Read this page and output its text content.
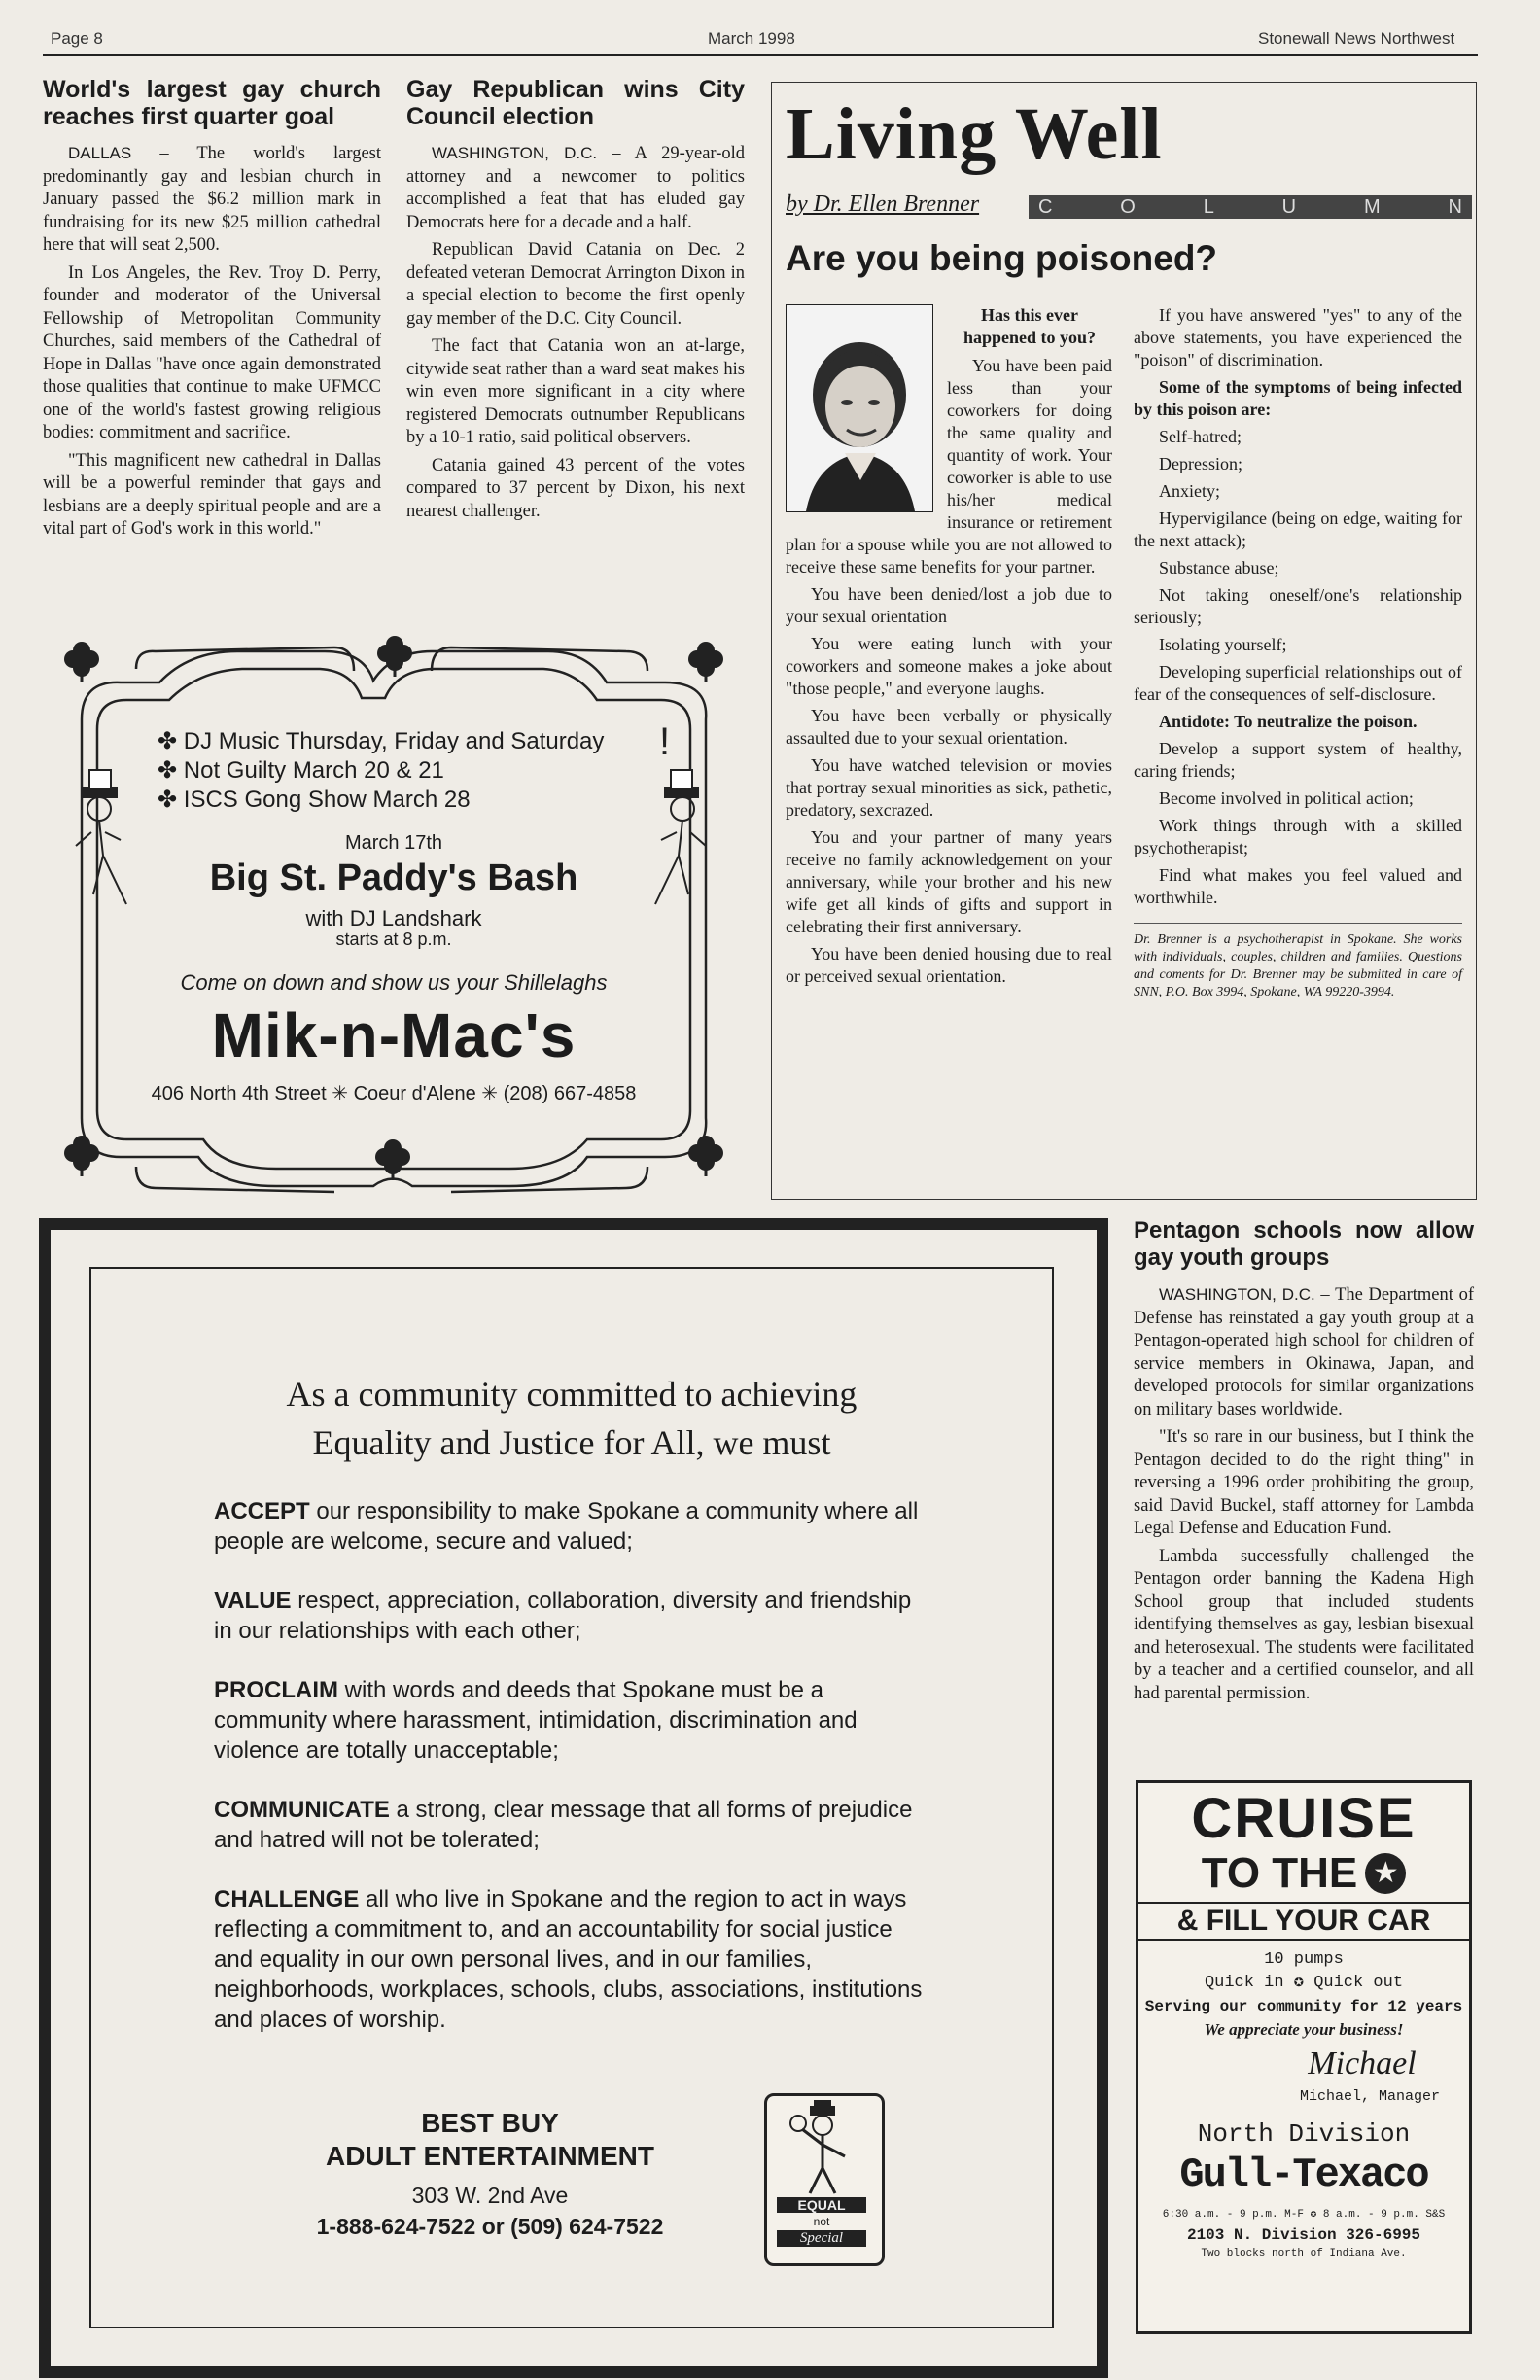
Page 8	March 1998	Stonewall News Northwest
World's largest gay church reaches first quarter goal

DALLAS – The world's largest predominantly gay and lesbian church in January passed the $6.2 million mark in fundraising for its new $25 million cathedral here that will seat 2,500.

In Los Angeles, the Rev. Troy D. Perry, founder and moderator of the Universal Fellowship of Metropolitan Community Churches, said members of the Cathedral of Hope in Dallas "have once again demonstrated those qualities that continue to make UFMCC one of the world's fastest growing religious bodies: commitment and sacrifice.

"This magnificent new cathedral in Dallas will be a powerful reminder that gays and lesbians are a deeply spiritual people and are a vital part of God's work in this world."

Gay Republican wins City Council election

WASHINGTON, D.C. – A 29-year-old attorney and a newcomer to politics accomplished a feat that has eluded gay Democrats here for a decade and a half.

Republican David Catania on Dec. 2 defeated veteran Democrat Arrington Dixon in a special election to become the first openly gay member of the D.C. City Council.

The fact that Catania won an at-large, citywide seat rather than a ward seat makes his win even more significant in a city where registered Democrats outnumber Republicans by a 10-1 ratio, said political observers.

Catania gained 43 percent of the votes compared to 37 percent by Dixon, his next nearest challenger.

!
✤ DJ Music Thursday, Friday and Saturday
✤ Not Guilty March 20 & 21
✤ ISCS Gong Show March 28
March 17th
Big St. Paddy's Bash
with DJ Landshark
starts at 8 p.m.
Come on down and show us your Shillelaghs
Mik-n-Mac's
406 North 4th Street ✳ Coeur d'Alene ✳ (208) 667-4858
Living Well
by Dr. Ellen Brenner	C	O	L	U	M	N
Are you being poisoned?
Has this ever happened to you?

You have been paid less than your coworkers for doing the same quality and quantity of work. Your coworker is able to use his/her medical insurance or retirement plan for a spouse while you are not allowed to receive these same benefits for your partner.

You have been denied/lost a job due to your sexual orientation

You were eating lunch with your coworkers and someone makes a joke about "those people," and everyone laughs.

You have been verbally or physically assaulted due to your sexual orientation.

You have watched television or movies that portray sexual minorities as sick, pathetic, predatory, sexcrazed.

You and your partner of many years receive no family acknowledgement on your anniversary, while your brother and his new wife get all kinds of gifts and support in celebrating their first anniversary.

You have been denied housing due to real or perceived sexual orientation.

If you have answered "yes" to any of the above statements, you have experienced the "poison" of discrimination.

Some of the symptoms of being infected by this poison are:

Self-hatred;

Depression;

Anxiety;

Hypervigilance (being on edge, waiting for the next attack);

Substance abuse;

Not taking oneself/one's relationship seriously;

Isolating yourself;

Developing superficial relationships out of fear of the consequences of self-disclosure.

Antidote: To neutralize the poison.

Develop a support system of healthy, caring friends;

Become involved in political action;

Work things through with a skilled psychotherapist;

Find what makes you feel valued and worthwhile.

Dr. Brenner is a psychotherapist in Spokane. She works with individuals, couples, children and families. Questions and coments for Dr. Brenner may be submitted in care of SNN, P.O. Box 3994, Spokane, WA 99220-3994.
As a community committed to achieving
Equality and Justice for All, we must
ACCEPT our responsibility to make Spokane a community where all people are welcome, secure and valued;
VALUE respect, appreciation, collaboration, diversity and friendship in our relationships with each other;
PROCLAIM with words and deeds that Spokane must be a community where harassment, intimidation, discrimination and violence are totally unacceptable;
COMMUNICATE a strong, clear message that all forms of prejudice and hatred will not be tolerated;
CHALLENGE all who live in Spokane and the region to act in ways reflecting a commitment to, and an accountability for social justice and equality in our own personal lives, and in our families, neighborhoods, workplaces, schools, clubs, associations, institutions and places of worship.
BEST BUY
ADULT ENTERTAINMENT
303 W. 2nd Ave
1-888-624-7522 or (509) 624-7522
EQUAL
not
Special
Pentagon schools now allow gay youth groups

WASHINGTON, D.C. – The Department of Defense has reinstated a gay youth group at a Pentagon-operated high school for children of service members in Okinawa, Japan, and developed protocols for similar organizations on military bases worldwide.

"It's so rare in our business, but I think the Pentagon decided to do the right thing" in reversing a 1996 order prohibiting the group, said David Buckel, staff attorney for Lambda Legal Defense and Education Fund.

Lambda successfully challenged the Pentagon order banning the Kadena High School group that included students identifying themselves as gay, lesbian bisexual and heterosexual. The students were facilitated by a teacher and a certified counselor, and all had parental permission.

CRUISE
TO THE ★
& FILL YOUR CAR
10 pumps
Quick in ✪ Quick out
Serving our community for 12 years
We appreciate your business!
Michael
Michael, Manager
North Division
Gull-Texaco
6:30 a.m. - 9 p.m. M-F ✪ 8 a.m. - 9 p.m. S&S
2103 N. Division 326-6995
Two blocks north of Indiana Ave.
